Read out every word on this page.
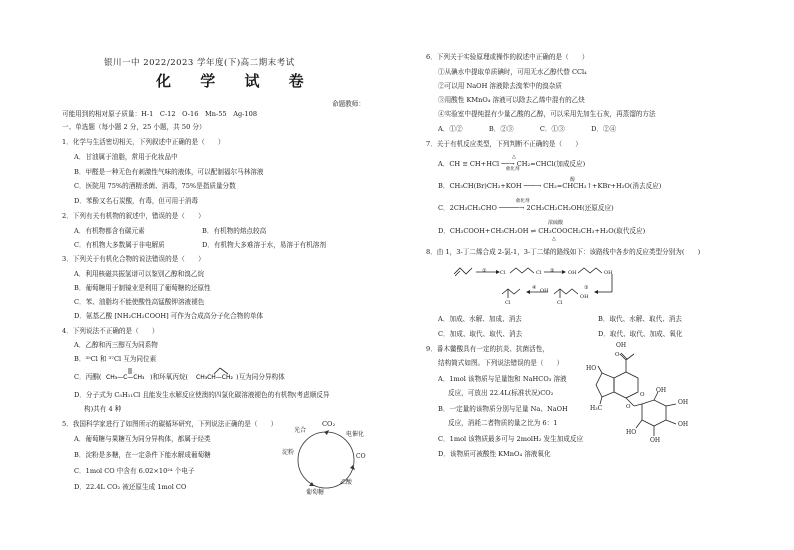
银川一中 2022/2023 学年度(下)高二期末考试
化 学 试 卷
命题教师：
可能用到的相对原子质量：H-1　C-12　O-16　Mn-55　Ag-108
一、单选题（每小题 2 分，25 小题，共 50 分）
1．化学与生活密切相关，下列叙述中正确的是（　　）
A．甘油属于油脂，常用于化妆品中
B．甲醛是一种无色有刺激性气味的液体，可以配制福尔马林溶液
C．医院用 75%的酒精杀菌、消毒，75%是指质量分数
D．苯酚又名石炭酸，有毒，但可用于消毒
2．下列有关有机物的叙述中，错误的是（　　）
A．有机物都含有碳元素	B．有机物的熔点较高
C．有机物大多数属于非电解质	D．有机物大多难溶于水，易溶于有机溶剂
3．下列关于有机化合物的说法错误的是（　　）
A．利用核磁共振氢谱可以鉴别乙醇和溴乙烷
B．葡萄糖用于制镜业是利用了葡萄糖的还原性
C．苯、油脂均不能使酸性高锰酸钾溶液褪色
D．氨基乙酸 [NH₂CH₂COOH] 可作为合成高分子化合物的单体
4．下列说法不正确的是（　　）
A．乙醇和丙三醇互为同系物
B．³⁵Cl 和 ³⁷Cl 互为同位素
C．丙酮( CH₃—C—CH₃ )和环氧丙烷( CH₃CH—CH₂ )互为同分异构体
D．分子式为 C₅H₁₁Cl 且能发生水解反应使澳的四氯化碳溶液褪色的有机物(考虑顺反异
构)共有 4 种
5．我国科学家进行了如图所示的碳循环研究，下列说法正确的是（　　）
A．葡萄糖与果糖互为同分异构体，都属于烃类
B．淀粉是多糖，在一定条件下能水解成葡萄糖
C．1mol CO 中含有 6.02×10²⁴ 个电子
D．22.4L CO₂ 被还原生成 1mol CO
CO₂
光合
淀粉
电催化
CO
乙酸
葡萄糖
6．下列关于实验原理或操作的叙述中正确的是（　　）
①从碘水中提取单质碘时，可用无水乙醇代替 CCl₄
②可以用 NaOH 溶液除去溴苯中的溴杂质
③用酸性 KMnO₄ 溶液可以除去乙烯中混有的乙炔
④实验室中提纯混有少量乙酸的乙醇，可以采用先加生石灰，再蒸馏的方法
A．①②　　　　B．②③　　　　C．①③　　　　D．②④
7．关于有机反应类型，下列判断不正确的是（　　）
A．CH ≡ CH+HCl ──→ CH₂=CHCl(加成反应)
△
催化剂
B．CH₃CH(Br)CH₃+KOH ───→ CH₂=CHCH₃↑+KBr+H₂O(消去反应)
醇
C．2CH₃CH₂CHO ─────→ 2CH₃CH₂CH₂OH(还原反应)
催化剂
D．CH₃COOH+CH₃CH₂OH ⇌ CH₃COOCH₂CH₃+H₂O(取代反应)
浓硫酸
△
8．由 1，3-丁二烯合成 2-氯-1，3-丁二烯的路线如下：该路线中各步的反应类型分别为(　　)
①	Cl	Cl ②	OH	OH
③
OH
OH
Cl
④
Cl
A．加成、水解、加成、消去	B．取代、水解、取代、消去
C．加成、取代、取代、消去	D．取代、取代、加成、氧化
9．番木鳖酸具有一定的抗炎、抗菌活性，
结构简式如图。下列说法错误的是（　　）
A．1mol 该物质与足量饱和 NaHCO₃ 溶液
反应，可放出 22.4L(标准状况)CO₂
B．一定量的该物质分别与足量 Na、NaOH
反应，消耗二者物质的量之比为 6：1
C．1mol 该物质最多可与 2molH₂ 发生加成反应
D．该物质可被酸性 KMnO₄ 溶液氧化
OH
O
O
HO
H₃C	O
OH
OH
OH
OH
HO
